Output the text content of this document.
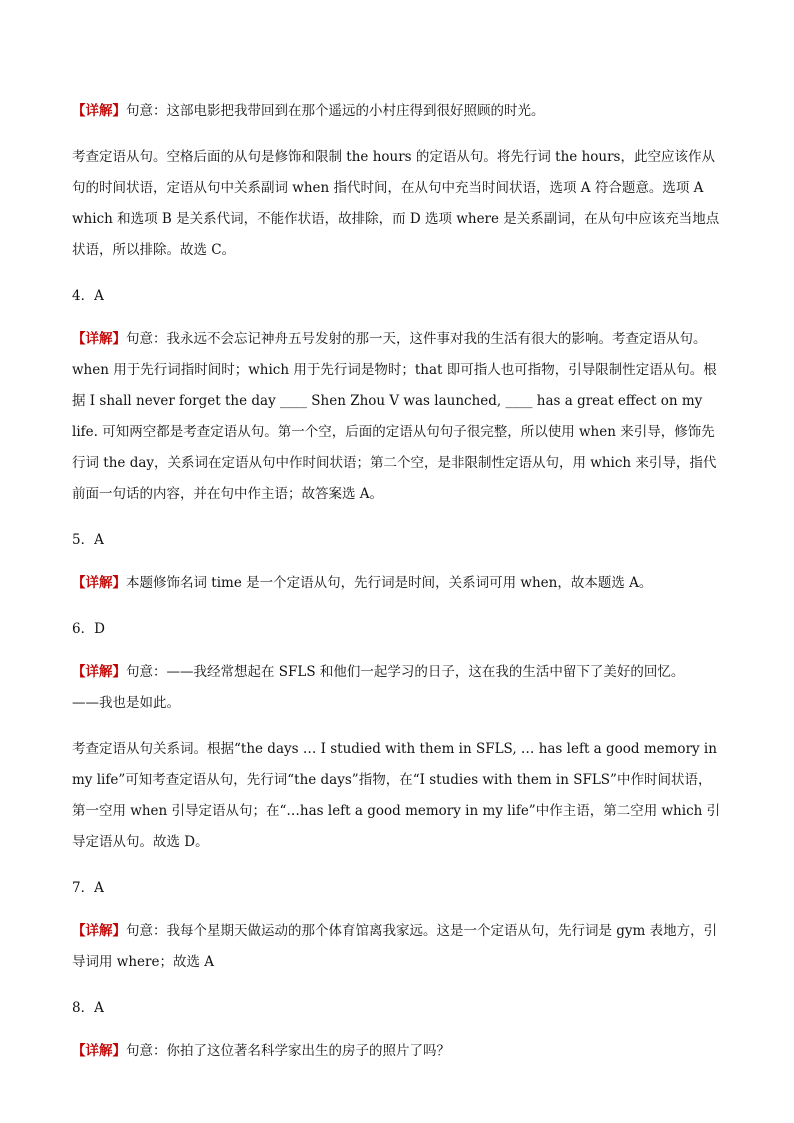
【详解】句意：这部电影把我带回到在那个遥远的小村庄得到很好照顾的时光。

考查定语从句。空格后面的从句是修饰和限制 the hours 的定语从句。将先行词 the hours，此空应该作从句的时间状语，定语从句中关系副词 when 指代时间，在从句中充当时间状语，选项 A 符合题意。选项 A which 和选项 B 是关系代词，不能作状语，故排除，而 D 选项 where 是关系副词，在从句中应该充当地点状语，所以排除。故选 C。

4．A

【详解】句意：我永远不会忘记神舟五号发射的那一天，这件事对我的生活有很大的影响。考查定语从句。when 用于先行词指时间时；which 用于先行词是物时；that 即可指人也可指物，引导限制性定语从句。根据 I shall never forget the day ____ Shen Zhou V was launched, ____ has a great effect on my life. 可知两空都是考查定语从句。第一个空，后面的定语从句句子很完整，所以使用 when 来引导，修饰先行词 the day，关系词在定语从句中作时间状语；第二个空，是非限制性定语从句，用 which 来引导，指代前面一句话的内容，并在句中作主语；故答案选 A。

5．A

【详解】本题修饰名词 time 是一个定语从句，先行词是时间，关系词可用 when，故本题选 A。

6．D

【详解】句意：——我经常想起在 SFLS 和他们一起学习的日子，这在我的生活中留下了美好的回忆。

——我也是如此。

考查定语从句关系词。根据“the days … I studied with them in SFLS, … has left a good memory in my life”可知考查定语从句，先行词“the days”指物，在“I studies with them in SFLS”中作时间状语，第一空用 when 引导定语从句；在“…has left a good memory in my life”中作主语，第二空用 which 引导定语从句。故选 D。

7．A

【详解】句意：我每个星期天做运动的那个体育馆离我家远。这是一个定语从句，先行词是 gym 表地方，引导词用 where；故选 A

8．A

【详解】句意：你拍了这位著名科学家出生的房子的照片了吗？
